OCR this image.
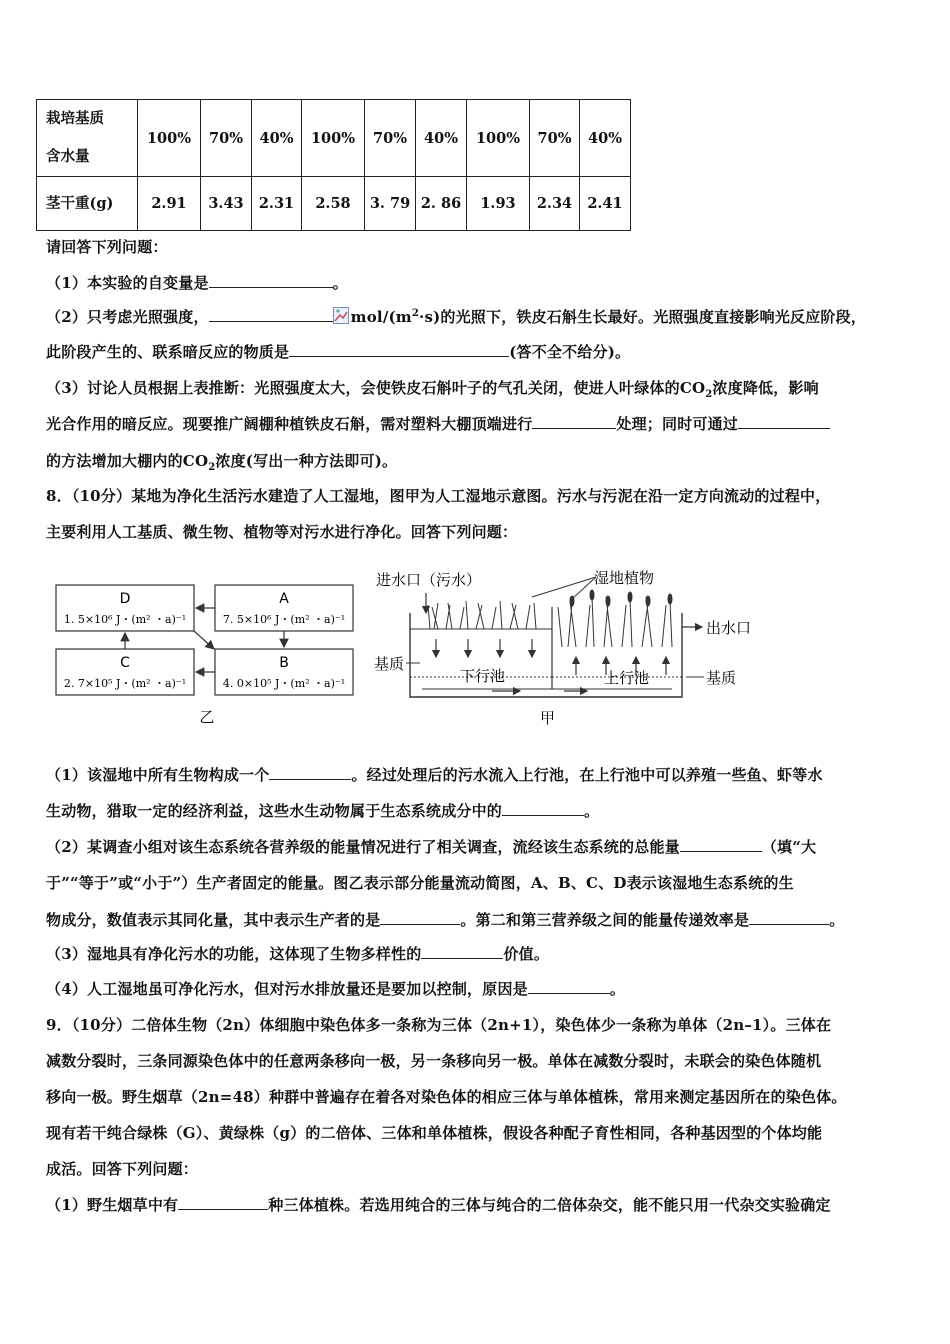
栽培基质
含水量	100%	70%	40%	100%	70%	40%	100%	70%	40%
茎干重(g)	2.91	3.43	2.31	2.58	3. 79	2. 86	1.93	2.34	2.41
请回答下列问题：
（1）本实验的自变量是	。
（2）只考虑光照强度，	mol/$(m^2\cdot s)$的光照下，铁皮石斛生长最好。光照强度直接影响光反应阶段，
此阶段产生的、联系暗反应的物质是	(答不全不给分)。
（3）讨论人员根据上表推断：光照强度太大，会使铁皮石斛叶子的气孔关闭，使进人叶绿体的$CO_2$浓度降低，影响
光合作用的暗反应。现要推广阔棚种植铁皮石斛，需对塑料大棚顶端进行	处理；同时可通过
的方法增加大棚内的$CO_2$浓度(写出一种方法即可)。
8．（10分）某地为净化生活污水建造了人工湿地，图甲为人工湿地示意图。污水与污泥在沿一定方向流动的过程中，
主要利用人工基质、微生物、植物等对污水进行净化。回答下列问题：
D
1. 5×10⁶ J・(m² ・a)⁻¹
A
7. 5×10⁶ J・(m² ・a)⁻¹
C
2. 7×10⁵ J・(m² ・a)⁻¹
B
4. 0×10⁵ J・(m² ・a)⁻¹
乙
进水口（污水）	湿地植物
出水口
基质
基质
下行池	上行池
甲
（1）该湿地中所有生物构成一个	。经过处理后的污水流入上行池，在上行池中可以养殖一些鱼、虾等水
生动物，猎取一定的经济利益，这些水生动物属于生态系统成分中的	。
（2）某调查小组对该生态系统各营养级的能量情况进行了相关调查，流经该生态系统的总能量	（填“大
于”“等于”或“小于”）生产者固定的能量。图乙表示部分能量流动简图，A、B、C、D表示该湿地生态系统的生
物成分，数值表示其同化量，其中表示生产者的是	。第二和第三营养级之间的能量传递效率是	。
（3）湿地具有净化污水的功能，这体现了生物多样性的	价值。
（4）人工湿地虽可净化污水，但对污水排放量还是要加以控制，原因是	。
9．（10分）二倍体生物（2n）体细胞中染色体多一条称为三体（2n+1），染色体少一条称为单体（2n–1）。三体在
减数分裂时，三条同源染色体中的任意两条移向一极，另一条移向另一极。单体在减数分裂时，未联会的染色体随机
移向一极。野生烟草（2n=48）种群中普遍存在着各对染色体的相应三体与单体植株，常用来测定基因所在的染色体。
现有若干纯合绿株（G）、黄绿株（g）的二倍体、三体和单体植株，假设各种配子育性相同，各种基因型的个体均能
成活。回答下列问题：
（1）野生烟草中有	种三体植株。若选用纯合的三体与纯合的二倍体杂交，能不能只用一代杂交实验确定
